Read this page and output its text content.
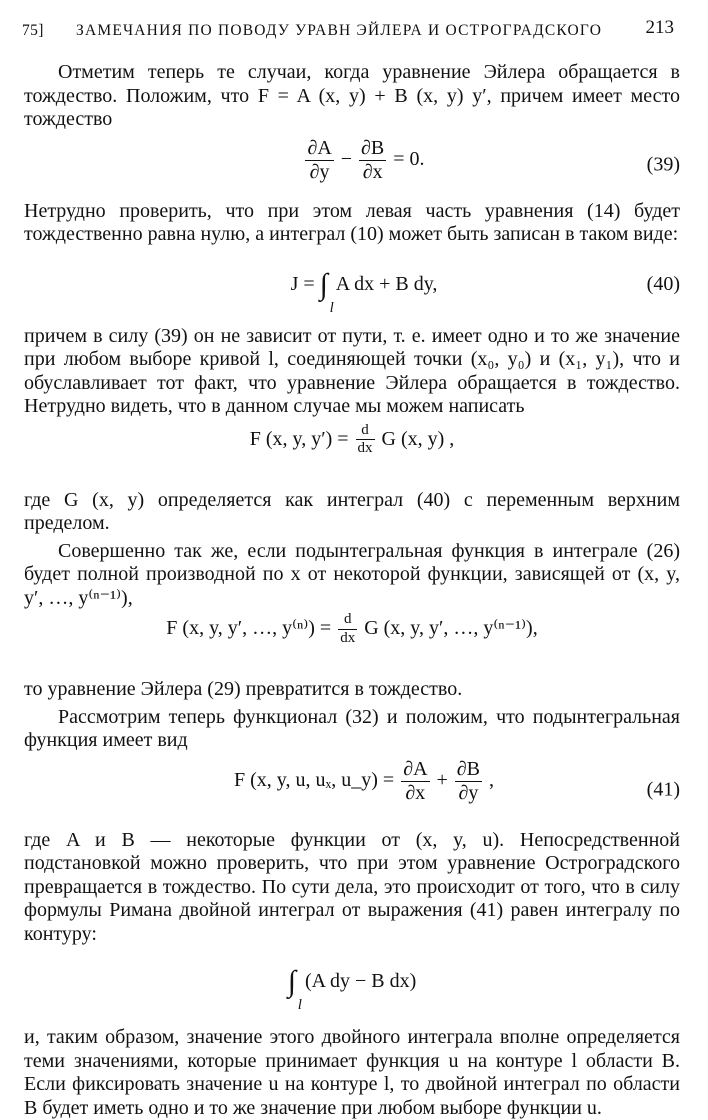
75] ЗАМЕЧАНИЯ ПО ПОВОДУ УРАВН ЭЙЛЕРА И ОСТРОГРАДСКОГО 213

Отметим теперь те случаи, когда уравнение Эйлера обращается в тождество. Положим, что F = A (x, y) + B (x, y) y′, причем имеет место тождество

$\frac{\partial A}{\partial y} - \frac{\partial B}{\partial x} = 0$.	(39)

Нетрудно проверить, что при этом левая часть уравнения (14) будет тождественно равна нулю, а интеграл (10) может быть записан в таком виде:

J = ∫
l
A dx + B dy,	(40)

причем в силу (39) он не зависит от пути, т. е. имеет одно и то же значение при любом выборе кривой l, соединяющей точки (x₀, y₀) и (x₁, y₁), что и обуславливает тот факт, что уравнение Эйлера обращается в тождество. Нетрудно видеть, что в данном случае мы можем написать

F (x, y, $y') = \frac{d}{dx}$ G (x, y) ,

где G (x, y) определяется как интеграл (40) с переменным верхним пределом.

Совершенно так же, если подынтегральная функция в интеграле (26) будет полной производной по x от некоторой функции, зависящей от (x, y, y′, …, y⁽ⁿ⁻¹⁾),

F (x, y, y′, …, $y^{(n)}) = \frac{d}{dx}$ G (x, y, y′, …, y⁽ⁿ⁻¹⁾),

то уравнение Эйлера (29) превратится в тождество.

Рассмотрим теперь функционал (32) и положим, что подынтегральная функция имеет вид

F (x, y, u, uₓ, u_y) = $\frac{\partial A}{\partial x} + \frac{\partial B}{\partial y}$ ,	(41)

где A и B — некоторые функции от (x, y, u). Непосредственной подстановкой можно проверить, что при этом уравнение Остроградского превращается в тождество. По сути дела, это происходит от того, что в силу формулы Римана двойной интеграл от выражения (41) равен интегралу по контуру:

∫
l
(A dy − B dx)

и, таким образом, значение этого двойного интеграла вполне определяется теми значениями, которые принимает функция u на контуре l области B. Если фиксировать значение u на контуре l, то двойной интеграл по области B будет иметь одно и то же значение при любом выборе функции u.
